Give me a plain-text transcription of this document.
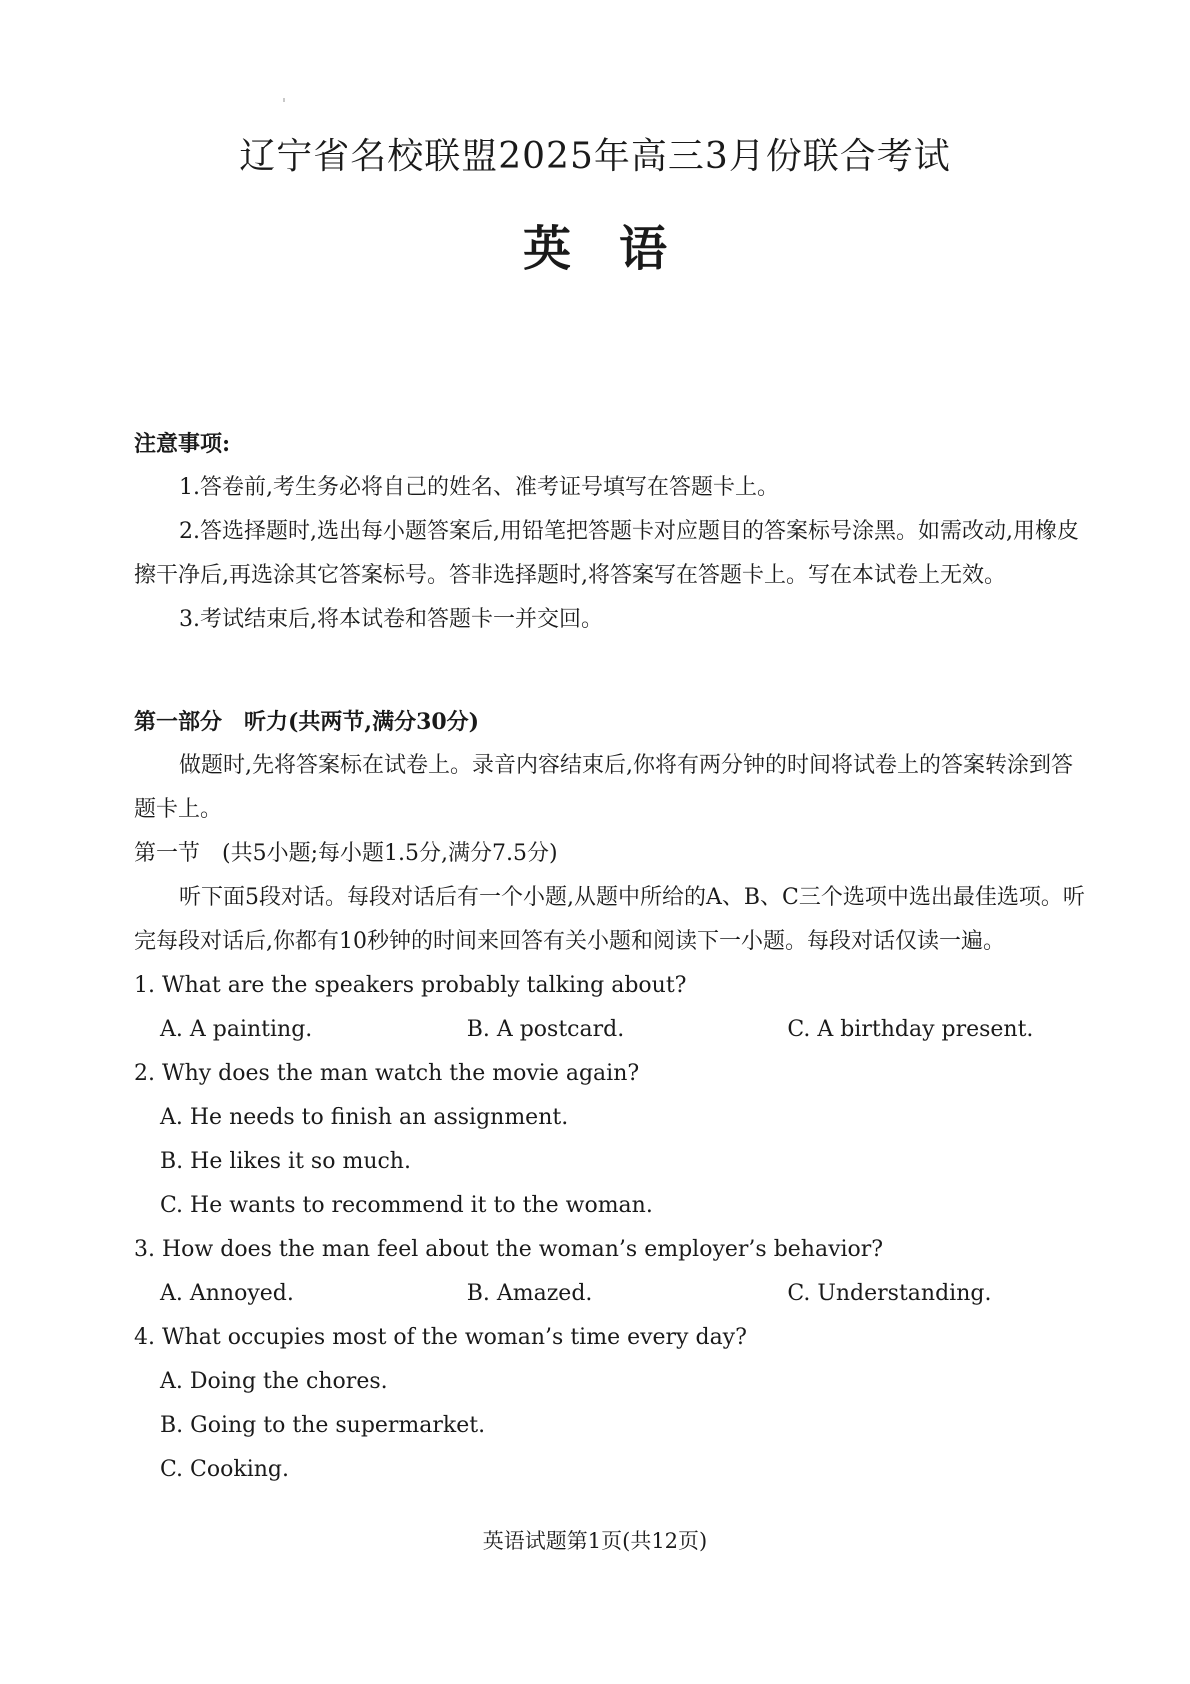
辽宁省名校联盟2025年高三3月份联合考试
英 语
注意事项:
1.答卷前,考生务必将自己的姓名、准考证号填写在答题卡上。
2.答选择题时,选出每小题答案后,用铅笔把答题卡对应题目的答案标号涂黑。如需改动,用橡皮擦干净后,再选涂其它答案标号。答非选择题时,将答案写在答题卡上。写在本试卷上无效。
3.考试结束后,将本试卷和答题卡一并交回。
第一部分　听力(共两节,满分30分)
做题时,先将答案标在试卷上。录音内容结束后,你将有两分钟的时间将试卷上的答案转涂到答题卡上。
第一节　(共5小题;每小题1.5分,满分7.5分)
听下面5段对话。每段对话后有一个小题,从题中所给的A、B、C三个选项中选出最佳选项。听完每段对话后,你都有10秒钟的时间来回答有关小题和阅读下一小题。每段对话仅读一遍。
1. What are the speakers probably talking about?
A. A painting.	B. A postcard.	C. A birthday present.
2. Why does the man watch the movie again?
A. He needs to finish an assignment.
B. He likes it so much.
C. He wants to recommend it to the woman.
3. How does the man feel about the woman’s employer’s behavior?
A. Annoyed.	B. Amazed.	C. Understanding.
4. What occupies most of the woman’s time every day?
A. Doing the chores.
B. Going to the supermarket.
C. Cooking.
英语试题第1页(共12页)
